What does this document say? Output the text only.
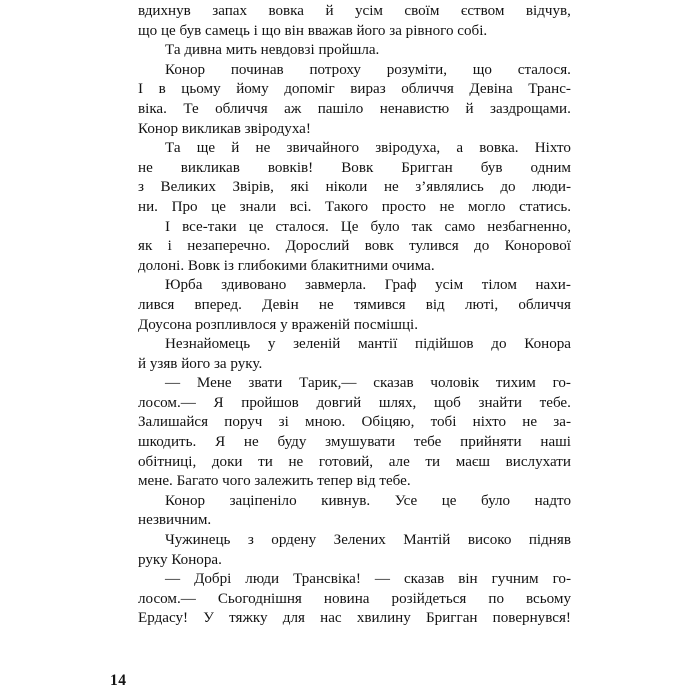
вдихнув запах вовка й усім своїм єством відчув,
що це був самець і що він вважав його за рівного собі.
Та дивна мить невдовзі пройшла.
Конор починав потроху розуміти, що сталося.
І в цьому йому допоміг вираз обличчя Девіна Транс-
віка. Те обличчя аж пашіло ненавистю й заздрощами.
Конор викликав звіродуха!
Та ще й не звичайного звіродуха, а вовка. Ніхто
не викликав вовків! Вовк Бригган був одним
з Великих Звірів, які ніколи не з’являлись до люди-
ни. Про це знали всі. Такого просто не могло статись.
І все-таки це сталося. Це було так само незбагненно,
як і незаперечно. Дорослий вовк тулився до Конорової
долоні. Вовк із глибокими блакитними очима.
Юрба здивовано завмерла. Граф усім тілом нахи-
лився вперед. Девін не тямився від люті, обличчя
Доусона розпливлося у враженій посмішці.
Незнайомець у зеленій мантії підійшов до Конора
й узяв його за руку.
— Мене звати Тарик,— сказав чоловік тихим го-
лосом.— Я пройшов довгий шлях, щоб знайти тебе.
Залишайся поруч зі мною. Обіцяю, тобі ніхто не за-
шкодить. Я не буду змушувати тебе прийняти наші
обітниці, доки ти не готовий, але ти маєш вислухати
мене. Багато чого залежить тепер від тебе.
Конор заціпеніло кивнув. Усе це було надто
незвичним.
Чужинець з ордену Зелених Мантій високо підняв
руку Конора.
— Добрі люди Трансвіка! — сказав він гучним го-
лосом.— Сьогоднішня новина розійдеться по всьому
Ердасу! У тяжку для нас хвилину Бригган повернувся!
14
